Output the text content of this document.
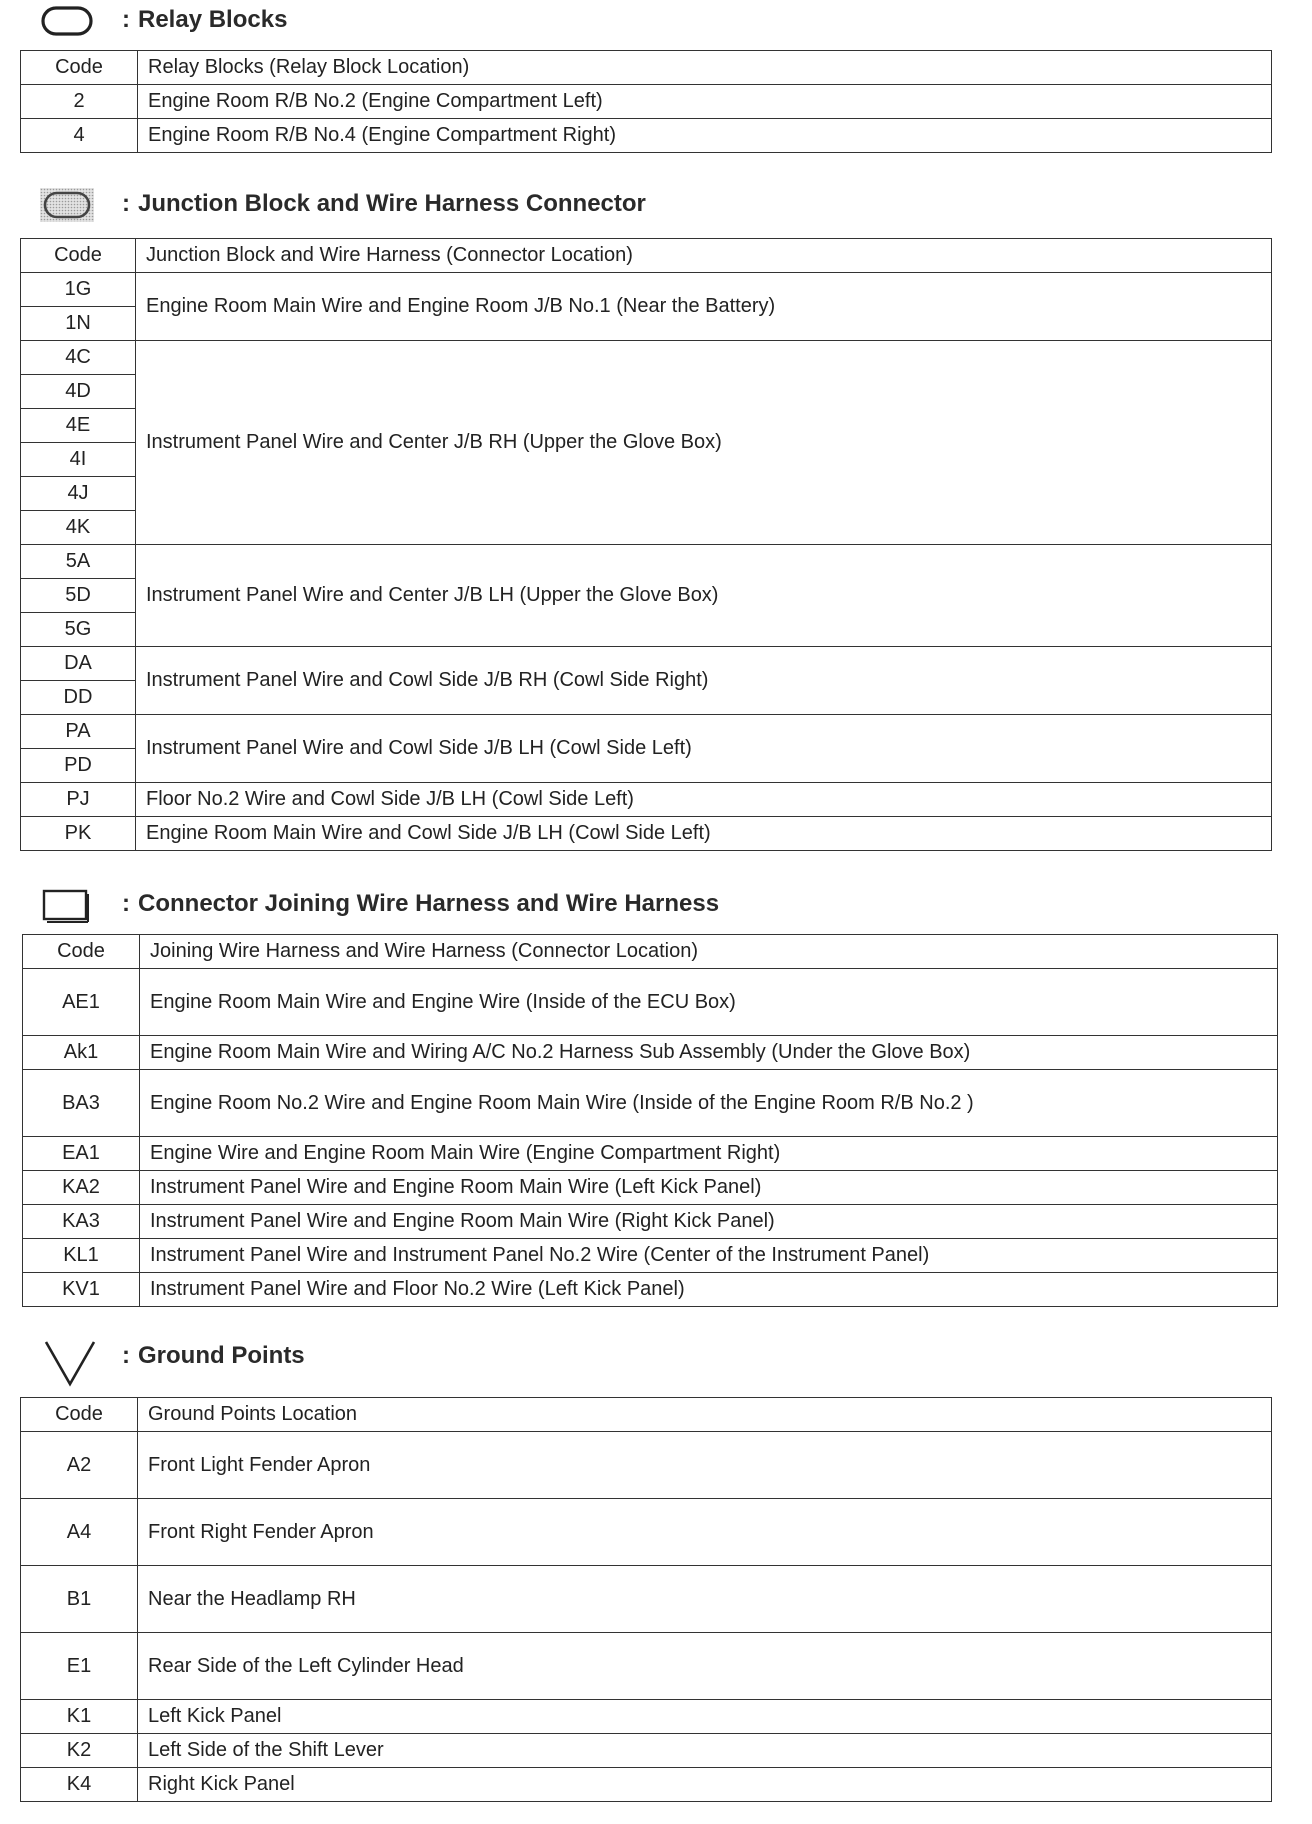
: Relay Blocks
Code	Relay Blocks (Relay Block Location)
2	Engine Room R/B No.2 (Engine Compartment Left)
4	Engine Room R/B No.4 (Engine Compartment Right)
: Junction Block and Wire Harness Connector
Code	Junction Block and Wire Harness (Connector Location)
1G	Engine Room Main Wire and Engine Room J/B No.1 (Near the Battery)
1N	
4C	Instrument Panel Wire and Center J/B RH (Upper the Glove Box)
4D	
4E	
4I	
4J	
4K	
5A	Instrument Panel Wire and Center J/B LH (Upper the Glove Box)
5D	
5G	
DA	Instrument Panel Wire and Cowl Side J/B RH (Cowl Side Right)
DD	
PA	Instrument Panel Wire and Cowl Side J/B LH (Cowl Side Left)
PD	
PJ	Floor No.2 Wire and Cowl Side J/B LH (Cowl Side Left)
PK	Engine Room Main Wire and Cowl Side J/B LH (Cowl Side Left)
: Connector Joining Wire Harness and Wire Harness
Code	Joining Wire Harness and Wire Harness (Connector Location)
AE1	Engine Room Main Wire and Engine Wire (Inside of the ECU Box)
Ak1	Engine Room Main Wire and Wiring A/C No.2 Harness Sub Assembly (Under the Glove Box)
BA3	Engine Room No.2 Wire and Engine Room Main Wire (Inside of the Engine Room R/B No.2 )
EA1	Engine Wire and Engine Room Main Wire (Engine Compartment Right)
KA2	Instrument Panel Wire and Engine Room Main Wire (Left Kick Panel)
KA3	Instrument Panel Wire and Engine Room Main Wire (Right Kick Panel)
KL1	Instrument Panel Wire and Instrument Panel No.2 Wire (Center of the Instrument Panel)
KV1	Instrument Panel Wire and Floor No.2 Wire (Left Kick Panel)
: Ground Points
Code	Ground Points Location
A2	Front Light Fender Apron
A4	Front Right Fender Apron
B1	Near the Headlamp RH
E1	Rear Side of the Left Cylinder Head
K1	Left Kick Panel
K2	Left Side of the Shift Lever
K4	Right Kick Panel
